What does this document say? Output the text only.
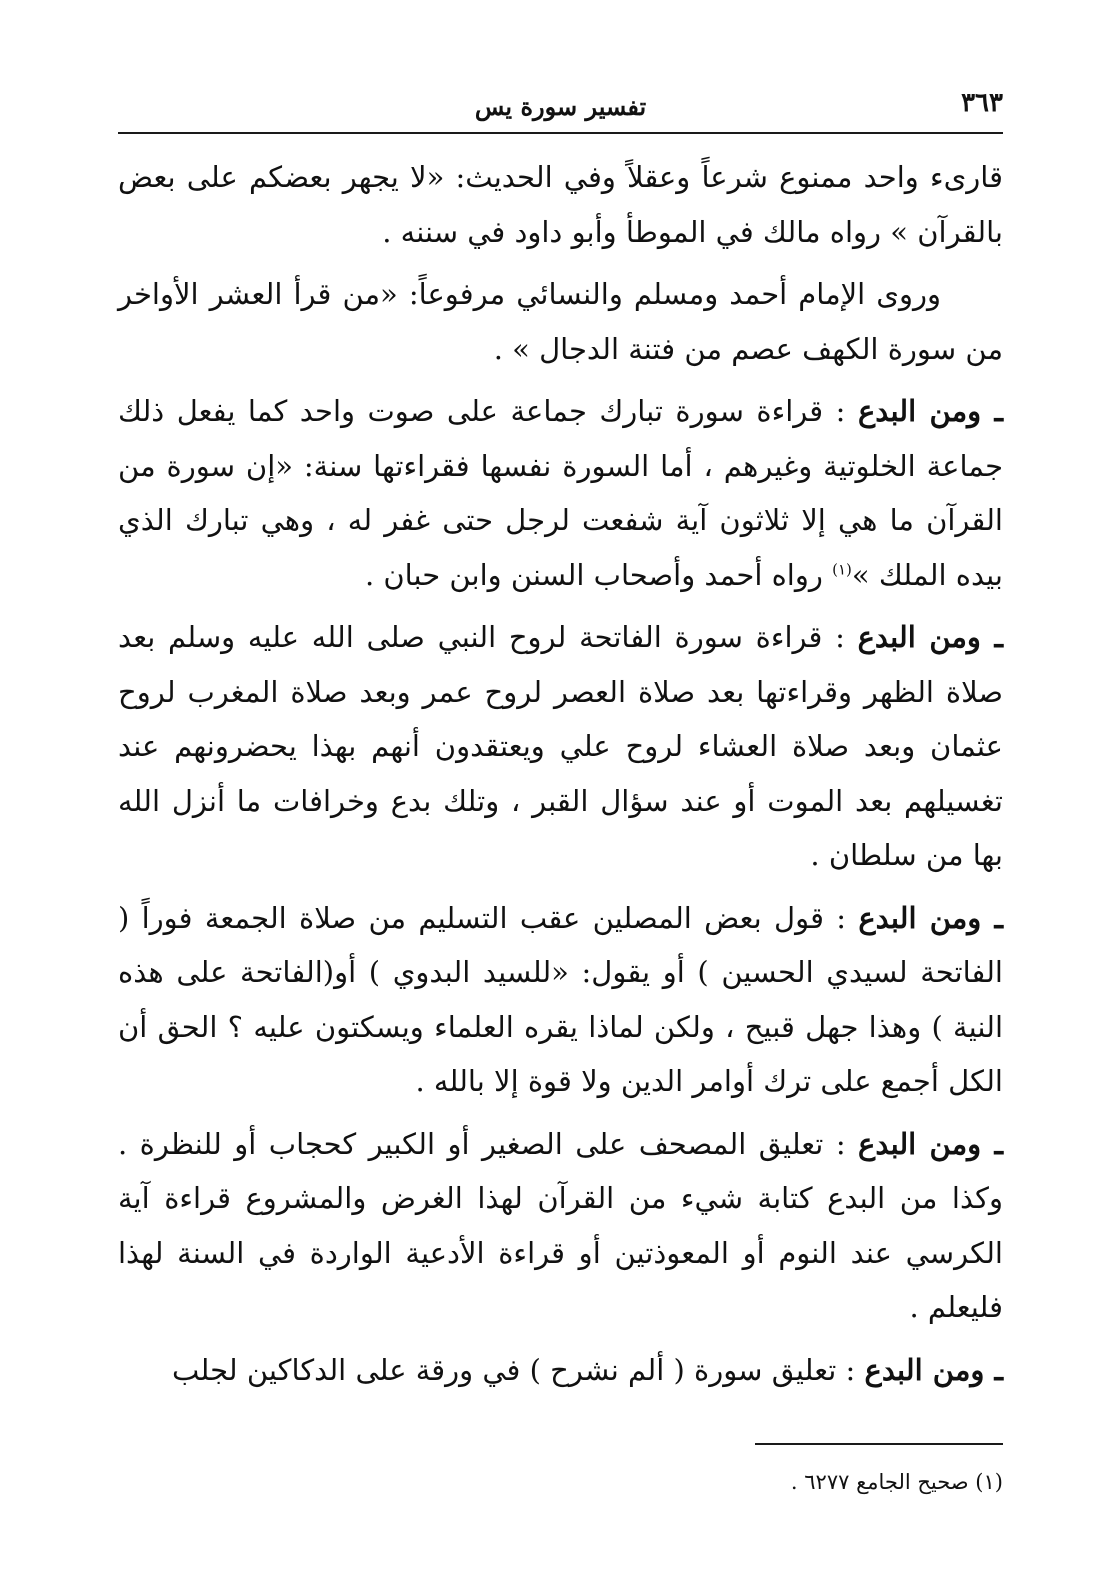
٣٦٣
تفسير سورة يس

قارىء واحد ممنوع شرعاً وعقلاً وفي الحديث: «لا يجهر بعضكم على بعض بالقرآن » رواه مالك في الموطأ وأبو داود في سننه .

وروى الإمام أحمد ومسلم والنسائي مرفوعاً: «من قرأ العشر الأواخر من سورة الكهف عصم من فتنة الدجال » .

ـ ومن البدع : قراءة سورة تبارك جماعة على صوت واحد كما يفعل ذلك جماعة الخلوتية وغيرهم ، أما السورة نفسها فقراءتها سنة: «إن سورة من القرآن ما هي إلا ثلاثون آية شفعت لرجل حتى غفر له ، وهي تبارك الذي بيده الملك »$^{(١)}$ رواه أحمد وأصحاب السنن وابن حبان .

ـ ومن البدع : قراءة سورة الفاتحة لروح النبي صلى الله عليه وسلم بعد صلاة الظهر وقراءتها بعد صلاة العصر لروح عمر وبعد صلاة المغرب لروح عثمان وبعد صلاة العشاء لروح علي ويعتقدون أنهم بهذا يحضرونهم عند تغسيلهم بعد الموت أو عند سؤال القبر ، وتلك بدع وخرافات ما أنزل الله بها من سلطان .

ـ ومن البدع : قول بعض المصلين عقب التسليم من صلاة الجمعة فوراً ( الفاتحة لسيدي الحسين ) أو يقول: «للسيد البدوي ) أو(الفاتحة على هذه النية ) وهذا جهل قبيح ، ولكن لماذا يقره العلماء ويسكتون عليه ؟ الحق أن الكل أجمع على ترك أوامر الدين ولا قوة إلا بالله .

ـ ومن البدع : تعليق المصحف على الصغير أو الكبير كحجاب أو للنظرة . وكذا من البدع كتابة شيء من القرآن لهذا الغرض والمشروع قراءة آية الكرسي عند النوم أو المعوذتين أو قراءة الأدعية الواردة في السنة لهذا فليعلم .

ـ ومن البدع : تعليق سورة ( ألم نشرح ) في ورقة على الدكاكين لجلب

(١) صحيح الجامع ٦٢٧٧ .
